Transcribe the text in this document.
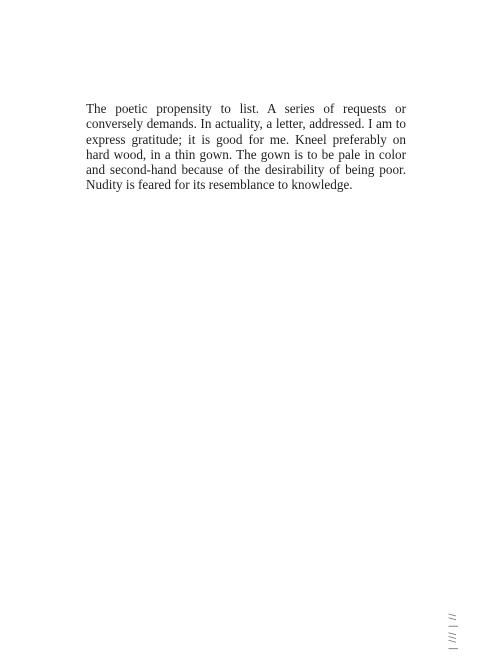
The poetic propensity to list. A series of requests or conversely demands. In actuality, a letter, addressed. I am to express gratitude; it is good for me. Kneel preferably on hard wood, in a thin gown. The gown is to be pale in color and second-hand because of the desirability of being poor. Nudity is feared for its resemblance to knowledge.

| /// | //
